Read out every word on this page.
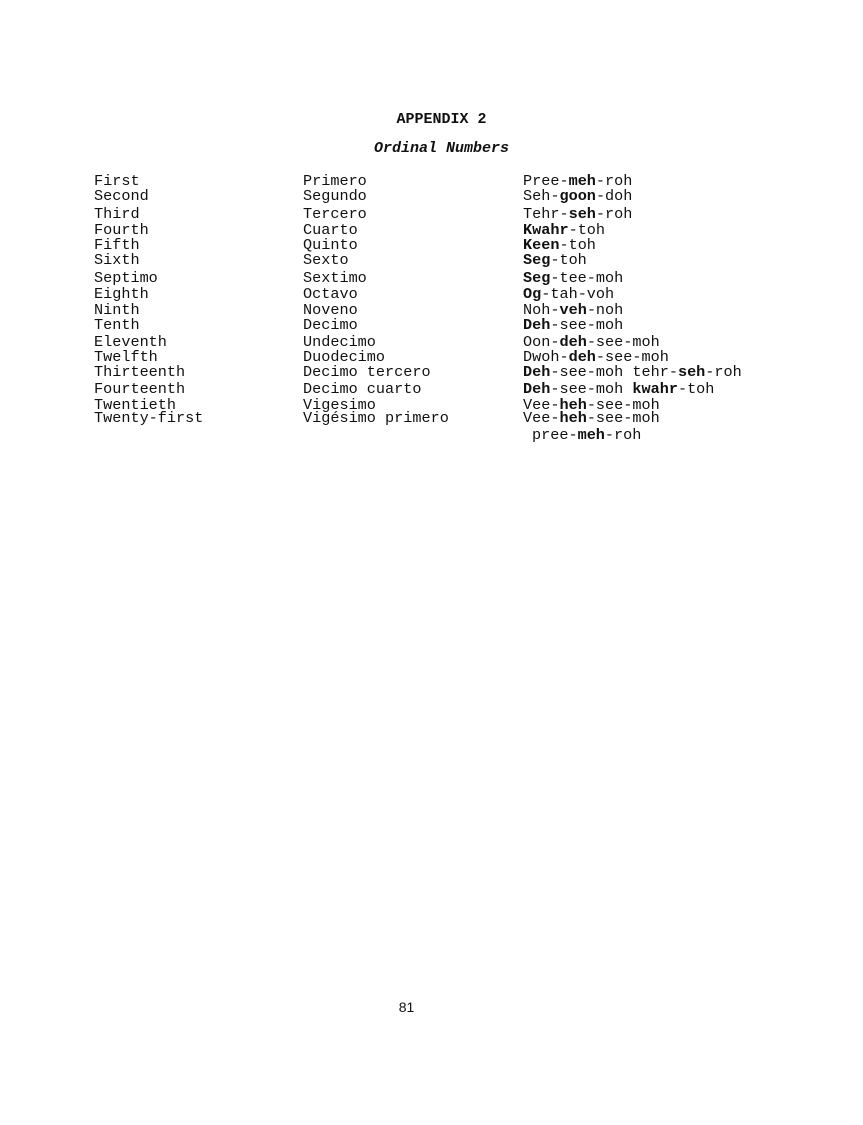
APPENDIX 2
Ordinal Numbers
First	Primero	Pree-meh-roh
Second	Segundo	Seh-goon-doh
Third	Tercero	Tehr-seh-roh
Fourth	Cuarto	Kwahr-toh
Fifth	Quinto	Keen-toh
Sixth	Sexto	Seg-toh
Septimo	Sextimo	Seg-tee-moh
Eighth	Octavo	Og-tah-voh
Ninth	Noveno	Noh-veh-noh
Tenth	Decimo	Deh-see-moh
Eleventh	Undecimo	Oon-deh-see-moh
Twelfth	Duodecimo	Dwoh-deh-see-moh
Thirteenth	Decimo tercero	Deh-see-moh tehr-seh-roh
Fourteenth	Decimo cuarto	Deh-see-moh kwahr-toh
Twentieth	Vigesimo	Vee-heh-see-moh
Twenty-first	Vigésimo primero	Vee-heh-see-moh
pree-meh-roh
81
